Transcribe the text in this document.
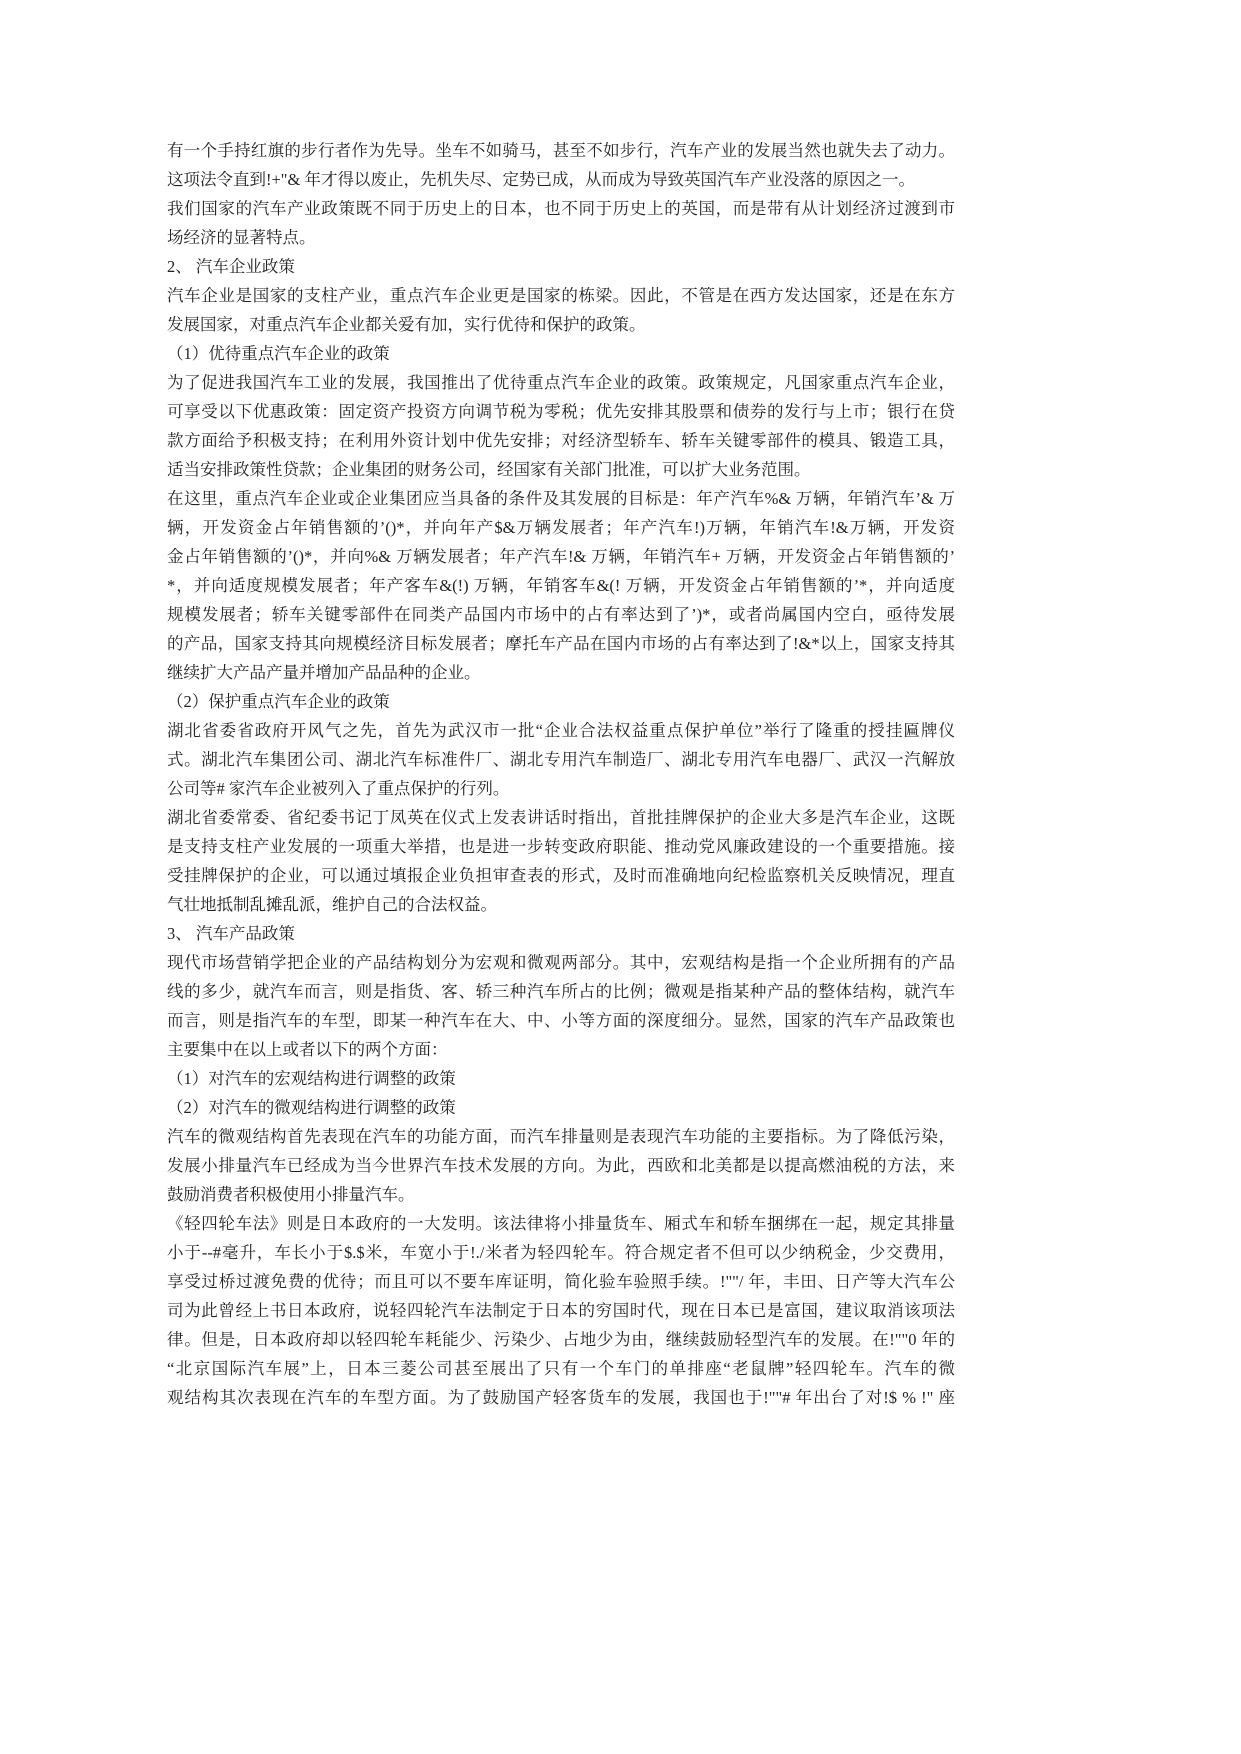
有一个手持红旗的步行者作为先导。坐车不如骑马，甚至不如步行，汽车产业的发展当然也就失去了动力。
这项法令直到!+"& 年才得以废止，先机失尽、定势已成，从而成为导致英国汽车产业没落的原因之一。
我们国家的汽车产业政策既不同于历史上的日本，也不同于历史上的英国，而是带有从计划经济过渡到市
场经济的显著特点。
2、 汽车企业政策
汽车企业是国家的支柱产业，重点汽车企业更是国家的栋梁。因此，不管是在西方发达国家，还是在东方
发展国家，对重点汽车企业都关爱有加，实行优待和保护的政策。
（1）优待重点汽车企业的政策
为了促进我国汽车工业的发展，我国推出了优待重点汽车企业的政策。政策规定，凡国家重点汽车企业，
可享受以下优惠政策：固定资产投资方向调节税为零税；优先安排其股票和债券的发行与上市；银行在贷
款方面给予积极支持；在利用外资计划中优先安排；对经济型轿车、轿车关键零部件的模具、锻造工具，
适当安排政策性贷款；企业集团的财务公司，经国家有关部门批准，可以扩大业务范围。
在这里，重点汽车企业或企业集团应当具备的条件及其发展的目标是：年产汽车%& 万辆，年销汽车’& 万
辆，开发资金占年销售额的’()*，并向年产$&万辆发展者；年产汽车!)万辆，年销汽车!&万辆，开发资
金占年销售额的’()*，并向%& 万辆发展者；年产汽车!& 万辆，年销汽车+ 万辆，开发资金占年销售额的’
*，并向适度规模发展者；年产客车&(!) 万辆，年销客车&(! 万辆，开发资金占年销售额的’*，并向适度
规模发展者；轿车关键零部件在同类产品国内市场中的占有率达到了’)*，或者尚属国内空白，亟待发展
的产品，国家支持其向规模经济目标发展者；摩托车产品在国内市场的占有率达到了!&*以上，国家支持其
继续扩大产品产量并增加产品品种的企业。
（2）保护重点汽车企业的政策
湖北省委省政府开风气之先，首先为武汉市一批“企业合法权益重点保护单位”举行了隆重的授挂匾牌仪
式。湖北汽车集团公司、湖北汽车标准件厂、湖北专用汽车制造厂、湖北专用汽车电器厂、武汉一汽解放
公司等# 家汽车企业被列入了重点保护的行列。
湖北省委常委、省纪委书记丁凤英在仪式上发表讲话时指出，首批挂牌保护的企业大多是汽车企业，这既
是支持支柱产业发展的一项重大举措，也是进一步转变政府职能、推动党风廉政建设的一个重要措施。接
受挂牌保护的企业，可以通过填报企业负担审查表的形式，及时而准确地向纪检监察机关反映情况，理直
气壮地抵制乱摊乱派，维护自己的合法权益。
3、 汽车产品政策
现代市场营销学把企业的产品结构划分为宏观和微观两部分。其中，宏观结构是指一个企业所拥有的产品
线的多少，就汽车而言，则是指货、客、轿三种汽车所占的比例；微观是指某种产品的整体结构，就汽车
而言，则是指汽车的车型，即某一种汽车在大、中、小等方面的深度细分。显然，国家的汽车产品政策也
主要集中在以上或者以下的两个方面：
（1）对汽车的宏观结构进行调整的政策
（2）对汽车的微观结构进行调整的政策
汽车的微观结构首先表现在汽车的功能方面，而汽车排量则是表现汽车功能的主要指标。为了降低污染，
发展小排量汽车已经成为当今世界汽车技术发展的方向。为此，西欧和北美都是以提高燃油税的方法，来
鼓励消费者积极使用小排量汽车。
《轻四轮车法》则是日本政府的一大发明。该法律将小排量货车、厢式车和轿车捆绑在一起，规定其排量
小于--#毫升，车长小于$.$米，车宽小于!./米者为轻四轮车。符合规定者不但可以少纳税金，少交费用，
享受过桥过渡免费的优待；而且可以不要车库证明，简化验车验照手续。!""/ 年，丰田、日产等大汽车公
司为此曾经上书日本政府，说轻四轮汽车法制定于日本的穷国时代，现在日本已是富国，建议取消该项法
律。但是，日本政府却以轻四轮车耗能少、污染少、占地少为由，继续鼓励轻型汽车的发展。在!""0 年的
“北京国际汽车展”上，日本三菱公司甚至展出了只有一个车门的单排座“老鼠牌”轻四轮车。汽车的微
观结构其次表现在汽车的车型方面。为了鼓励国产轻客货车的发展，我国也于!""# 年出台了对!$ % !" 座
